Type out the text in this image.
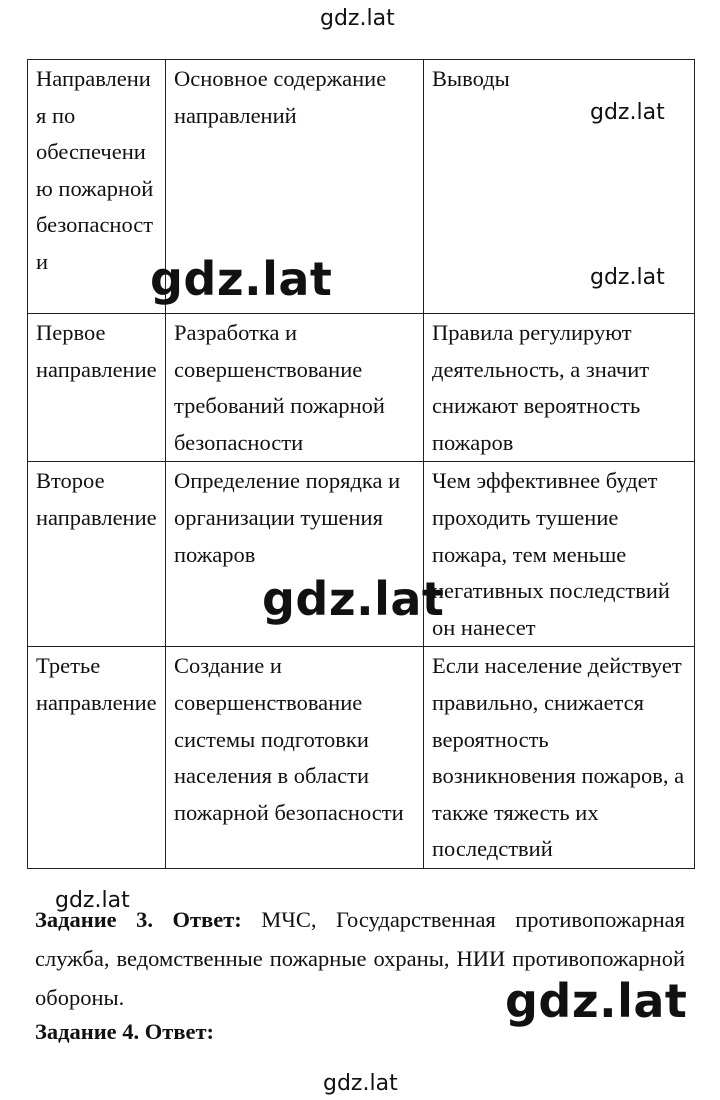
gdz.lat
Направления по обеспечению пожарной безопасности	Основное содержание направлений	Выводы

Первое направление	Разработка и совершенствование требований пожарной безопасности	Правила регулируют деятельность, а значит снижают вероятность пожаров

Второе направление	Определение порядка и организации тушения пожаров	Чем эффективнее будет проходить тушение пожара, тем меньше негативных последствий он нанесет

Третье направление	Создание и совершенствование системы подготовки населения в области пожарной безопасности	Если население действует правильно, снижается вероятность возникновения пожаров, а также тяжесть их последствий
gdz.lat
gdz.lat
gdz.lat
gdz.lat
gdz.lat
Задание 3. Ответ: МЧС, Государственная противопожарная служба, ведомственные пожарные охраны, НИИ противопожарной обороны.	gdz.lat
Задание 4. Ответ:
gdz.lat
